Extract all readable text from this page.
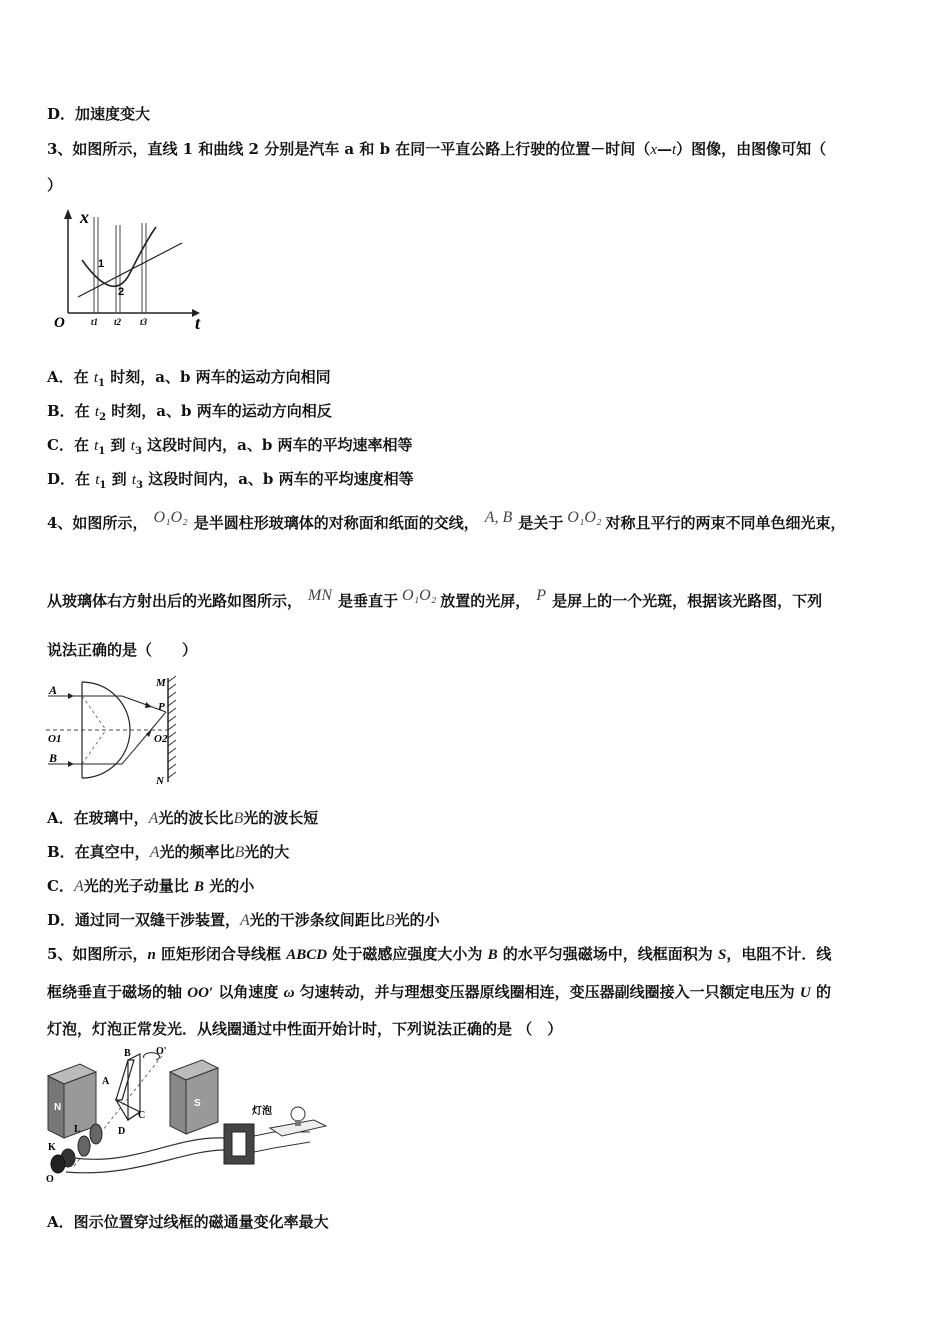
D．加速度变大
3、如图所示，直线 1 和曲线 2 分别是汽车 a 和 b 在同一平直公路上行驶的位置－时间（x—t）图像，由图像可知（
）
x
t
O
1
2
t1 t2 t3
A．在 $t_1$ 时刻，a、b 两车的运动方向相同
B．在 $t_2$ 时刻，a、b 两车的运动方向相反
C．在 $t_1$ 到 $t_3$ 这段时间内，a、b 两车的平均速率相等
D．在 $t_1$ 到 $t_3$ 这段时间内，a、b 两车的平均速度相等
4、如图所示， O₁O₂ 是半圆柱形玻璃体的对称面和纸面的交线， A, B 是关于 O₁O₂ 对称且平行的两束不同单色细光束，
从玻璃体右方射出后的光路如图所示， MN 是垂直于 O₁O₂ 放置的光屏， P 是屏上的一个光斑，根据该光路图，下列
说法正确的是（　　）
A
B
O1	O2
M
N
P
A．在玻璃中，A光的波长比B光的波长短
B．在真空中，A光的频率比B光的大
C．A光的光子动量比 B 光的小
D．通过同一双缝干涉装置，A光的干涉条纹间距比B光的小
5、如图所示，n 匝矩形闭合导线框 ABCD 处于磁感应强度大小为 B 的水平匀强磁场中，线框面积为 S，电阻不计．线
框绕垂直于磁场的轴 OO′ 以角速度 ω 匀速转动，并与理想变压器原线圈相连，变压器副线圈接入一只额定电压为 U 的
灯泡，灯泡正常发光．从线圈通过中性面开始计时，下列说法正确的是 （　）
N	S
B
A
C
D
O'
K
L
O
灯泡
A．图示位置穿过线框的磁通量变化率最大
